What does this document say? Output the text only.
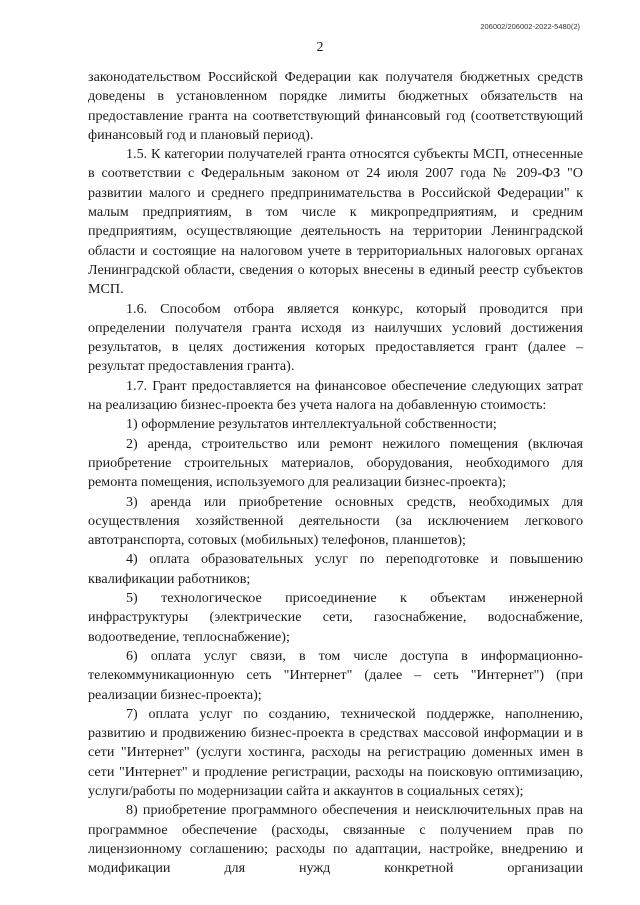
206002/206002-2022-5480(2)
2

законодательством Российской Федерации как получателя бюджетных средств доведены в установленном порядке лимиты бюджетных обязательств на предоставление гранта на соответствующий финансовый год (соответствующий финансовый год и плановый период).

1.5. К категории получателей гранта относятся субъекты МСП, отнесенные в соответствии с Федеральным законом от 24 июля 2007 года № 209-ФЗ "О развитии малого и среднего предпринимательства в Российской Федерации" к малым предприятиям, в том числе к микропредприятиям, и средним предприятиям, осуществляющие деятельность на территории Ленинградской области и состоящие на налоговом учете в территориальных налоговых органах Ленинградской области, сведения о которых внесены в единый реестр субъектов МСП.

1.6. Способом отбора является конкурс, который проводится при определении получателя гранта исходя из наилучших условий достижения результатов, в целях достижения которых предоставляется грант (далее – результат предоставления гранта).

1.7. Грант предоставляется на финансовое обеспечение следующих затрат на реализацию бизнес-проекта без учета налога на добавленную стоимость:

1) оформление результатов интеллектуальной собственности;

2) аренда, строительство или ремонт нежилого помещения (включая приобретение строительных материалов, оборудования, необходимого для ремонта помещения, используемого для реализации бизнес-проекта);

3) аренда или приобретение основных средств, необходимых для осуществления хозяйственной деятельности (за исключением легкового автотранспорта, сотовых (мобильных) телефонов, планшетов);

4) оплата образовательных услуг по переподготовке и повышению квалификации работников;

5) технологическое присоединение к объектам инженерной инфраструктуры (электрические сети, газоснабжение, водоснабжение, водоотведение, теплоснабжение);

6) оплата услуг связи, в том числе доступа в информационно-телекоммуникационную сеть "Интернет" (далее – сеть "Интернет") (при реализации бизнес-проекта);

7) оплата услуг по созданию, технической поддержке, наполнению, развитию и продвижению бизнес-проекта в средствах массовой информации и в сети "Интернет" (услуги хостинга, расходы на регистрацию доменных имен в сети "Интернет" и продление регистрации, расходы на поисковую оптимизацию, услуги/работы по модернизации сайта и аккаунтов в социальных сетях);

8) приобретение программного обеспечения и неисключительных прав на программное обеспечение (расходы, связанные с получением прав по лицензионному соглашению; расходы по адаптации, настройке, внедрению и модификации для нужд конкретной организации
